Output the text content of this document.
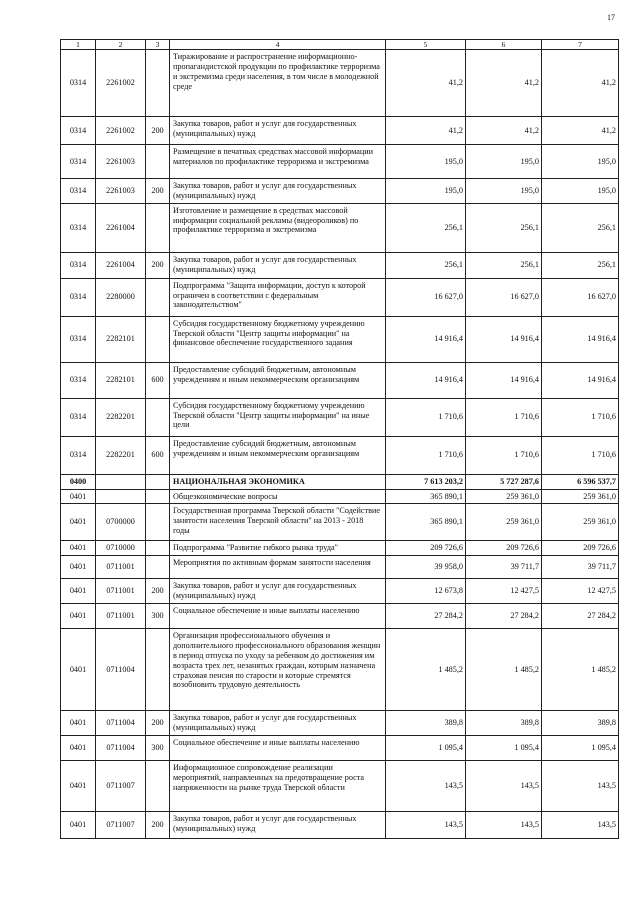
17
1	2	3	4	5	6	7
0314	2261002		Тиражирование и распространение информационно-пропагандистской продукции по профилактике терроризма и экстремизма среди населения, в том числе в молодежной среде	41,2	41,2	41,2
0314	2261002	200	Закупка товаров, работ и услуг для государственных (муниципальных) нужд	41,2	41,2	41,2
0314	2261003		Размещение в печатных средствах массовой информации материалов по профилактике терроризма и экстремизма	195,0	195,0	195,0
0314	2261003	200	Закупка товаров, работ и услуг для государственных (муниципальных) нужд	195,0	195,0	195,0
0314	2261004		Изготовление и размещение в средствах массовой информации социальной рекламы (видеороликов) по профилактике терроризма и экстремизма	256,1	256,1	256,1
0314	2261004	200	Закупка товаров, работ и услуг для государственных (муниципальных) нужд	256,1	256,1	256,1
0314	2280000		Подпрограмма "Защита информации, доступ к которой ограничен в соответствии с федеральным законодательством"	16 627,0	16 627,0	16 627,0
0314	2282101		Субсидия государственному бюджетному учреждению Тверской области "Центр защиты информации" на финансовое обеспечение государственного задания	14 916,4	14 916,4	14 916,4
0314	2282101	600	Предоставление субсидий бюджетным, автономным учреждениям и иным некоммерческим организациям	14 916,4	14 916,4	14 916,4
0314	2282201		Субсидия государственному бюджетному учреждению Тверской области "Центр защиты информации" на иные цели	1 710,6	1 710,6	1 710,6
0314	2282201	600	Предоставление субсидий бюджетным, автономным учреждениям и иным некоммерческим организациям	1 710,6	1 710,6	1 710,6
0400			НАЦИОНАЛЬНАЯ ЭКОНОМИКА	7 613 203,2	5 727 287,6	6 596 537,7
0401			Общеэкономические вопросы	365 890,1	259 361,0	259 361,0
0401	0700000		Государственная программа Тверской области "Содействие занятости населения Тверской области" на 2013 - 2018 годы	365 890,1	259 361,0	259 361,0
0401	0710000		Подпрограмма "Развитие гибкого рынка труда"	209 726,6	209 726,6	209 726,6
0401	0711001		Мероприятия по активным формам занятости населения	39 958,0	39 711,7	39 711,7
0401	0711001	200	Закупка товаров, работ и услуг для государственных (муниципальных) нужд	12 673,8	12 427,5	12 427,5
0401	0711001	300	Социальное обеспечение и иные выплаты населению	27 284,2	27 284,2	27 284,2
0401	0711004		Организация профессионального обучения и дополнительного профессионального образования женщин в период отпуска по уходу за ребенком до достижения им возраста трех лет, незанятых граждан, которым назначена страховая пенсия по старости и которые стремятся возобновить трудовую деятельность	1 485,2	1 485,2	1 485,2
0401	0711004	200	Закупка товаров, работ и услуг для государственных (муниципальных) нужд	389,8	389,8	389,8
0401	0711004	300	Социальное обеспечение и иные выплаты населению	1 095,4	1 095,4	1 095,4
0401	0711007		Информационное сопровождение реализации мероприятий, направленных на предотвращение роста напряженности на рынке труда Тверской области	143,5	143,5	143,5
0401	0711007	200	Закупка товаров, работ и услуг для государственных (муниципальных) нужд	143,5	143,5	143,5
